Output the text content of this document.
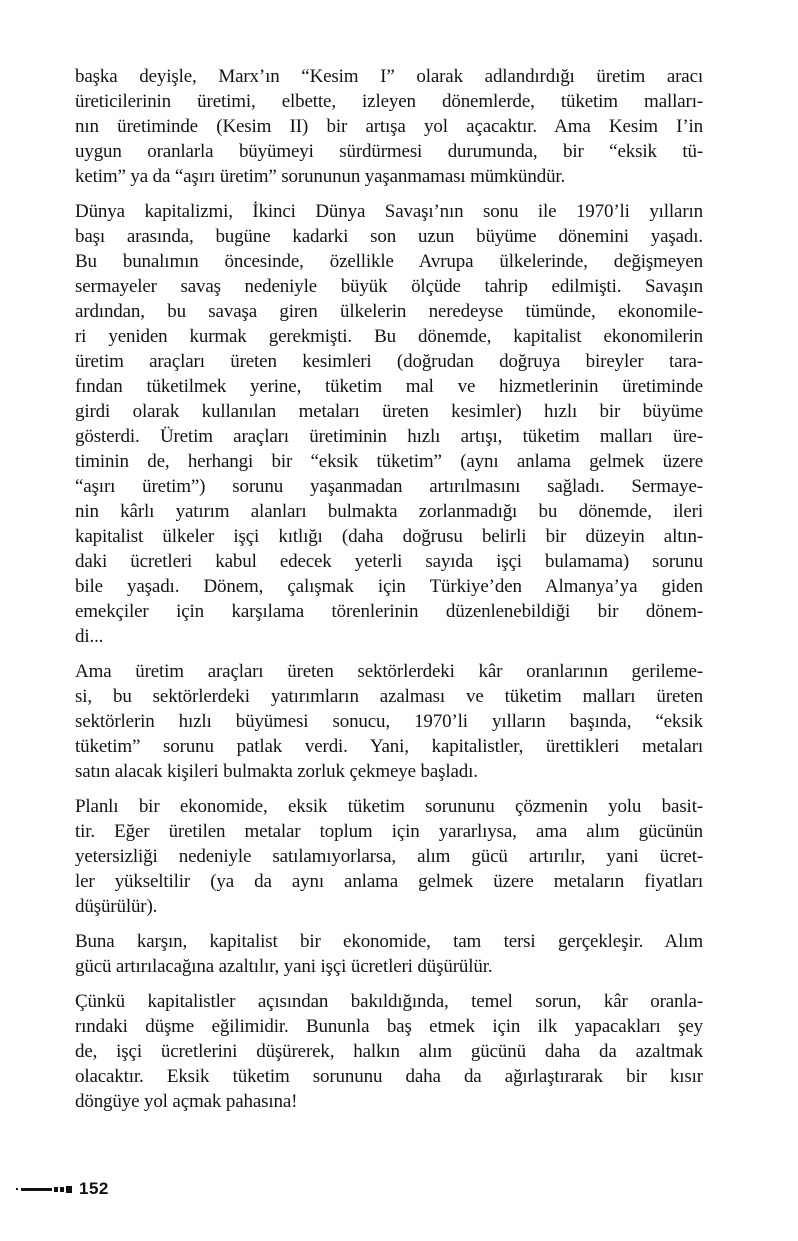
başka deyişle, Marx’ın “Kesim I” olarak adlandırdığı üretim aracı
üreticilerinin üretimi, elbette, izleyen dönemlerde, tüketim malları-
nın üretiminde (Kesim II) bir artışa yol açacaktır. Ama Kesim I’in
uygun oranlarla büyümeyi sürdürmesi durumunda, bir “eksik tü-
ketim” ya da “aşırı üretim” sorununun yaşanmaması mümkündür.
Dünya kapitalizmi, İkinci Dünya Savaşı’nın sonu ile 1970’li yılların
başı arasında, bugüne kadarki son uzun büyüme dönemini yaşadı.
Bu bunalımın öncesinde, özellikle Avrupa ülkelerinde, değişmeyen
sermayeler savaş nedeniyle büyük ölçüde tahrip edilmişti. Savaşın
ardından, bu savaşa giren ülkelerin neredeyse tümünde, ekonomile-
ri yeniden kurmak gerekmişti. Bu dönemde, kapitalist ekonomilerin
üretim araçları üreten kesimleri (doğrudan doğruya bireyler tara-
fından tüketilmek yerine, tüketim mal ve hizmetlerinin üretiminde
girdi olarak kullanılan metaları üreten kesimler) hızlı bir büyüme
gösterdi. Üretim araçları üretiminin hızlı artışı, tüketim malları üre-
timinin de, herhangi bir “eksik tüketim” (aynı anlama gelmek üzere
“aşırı üretim”) sorunu yaşanmadan artırılmasını sağladı. Sermaye-
nin kârlı yatırım alanları bulmakta zorlanmadığı bu dönemde, ileri
kapitalist ülkeler işçi kıtlığı (daha doğrusu belirli bir düzeyin altın-
daki ücretleri kabul edecek yeterli sayıda işçi bulamama) sorunu
bile yaşadı. Dönem, çalışmak için Türkiye’den Almanya’ya giden
emekçiler için karşılama törenlerinin düzenlenebildiği bir dönem-
di...
Ama üretim araçları üreten sektörlerdeki kâr oranlarının gerileme-
si, bu sektörlerdeki yatırımların azalması ve tüketim malları üreten
sektörlerin hızlı büyümesi sonucu, 1970’li yılların başında, “eksik
tüketim” sorunu patlak verdi. Yani, kapitalistler, ürettikleri metaları
satın alacak kişileri bulmakta zorluk çekmeye başladı.
Planlı bir ekonomide, eksik tüketim sorununu çözmenin yolu basit-
tir. Eğer üretilen metalar toplum için yararlıysa, ama alım gücünün
yetersizliği nedeniyle satılamıyorlarsa, alım gücü artırılır, yani ücret-
ler yükseltilir (ya da aynı anlama gelmek üzere metaların fiyatları
düşürülür).
Buna karşın, kapitalist bir ekonomide, tam tersi gerçekleşir. Alım
gücü artırılacağına azaltılır, yani işçi ücretleri düşürülür.
Çünkü kapitalistler açısından bakıldığında, temel sorun, kâr oranla-
rındaki düşme eğilimidir. Bununla baş etmek için ilk yapacakları şey
de, işçi ücretlerini düşürerek, halkın alım gücünü daha da azaltmak
olacaktır. Eksik tüketim sorununu daha da ağırlaştırarak bir kısır
döngüye yol açmak pahasına!
152
